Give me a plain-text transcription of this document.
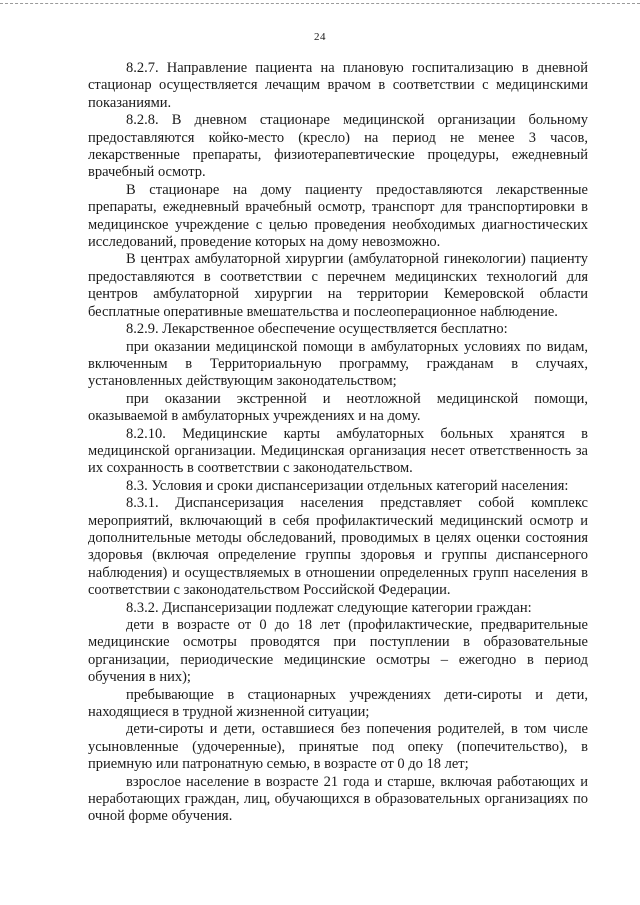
24

8.2.7. Направление пациента на плановую госпитализацию в дневной стационар осуществляется лечащим врачом в соответствии с медицинскими показаниями.

8.2.8. В дневном стационаре медицинской организации больному предоставляются койко-место (кресло) на период не менее 3 часов, лекарственные препараты, физиотерапевтические процедуры, ежедневный врачебный осмотр.

В стационаре на дому пациенту предоставляются лекарственные препараты, ежедневный врачебный осмотр, транспорт для транспортировки в медицинское учреждение с целью проведения необходимых диагностических исследований, проведение которых на дому невозможно.

В центрах амбулаторной хирургии (амбулаторной гинекологии) пациенту предоставляются в соответствии с перечнем медицинских технологий для центров амбулаторной хирургии на территории Кемеровской области бесплатные оперативные вмешательства и послеоперационное наблюдение.

8.2.9. Лекарственное обеспечение осуществляется бесплатно:

при оказании медицинской помощи в амбулаторных условиях по видам, включенным в Территориальную программу, гражданам в случаях, установленных действующим законодательством;

при оказании экстренной и неотложной медицинской помощи, оказываемой в амбулаторных учреждениях и на дому.

8.2.10. Медицинские карты амбулаторных больных хранятся в медицинской организации. Медицинская организация несет ответственность за их сохранность в соответствии с законодательством.

8.3. Условия и сроки диспансеризации отдельных категорий населения:

8.3.1. Диспансеризация населения представляет собой комплекс мероприятий, включающий в себя профилактический медицинский осмотр и дополнительные методы обследований, проводимых в целях оценки состояния здоровья (включая определение группы здоровья и группы диспансерного наблюдения) и осуществляемых в отношении определенных групп населения в соответствии с законодательством Российской Федерации.

8.3.2. Диспансеризации подлежат следующие категории граждан:

дети в возрасте от 0 до 18 лет (профилактические, предварительные медицинские осмотры проводятся при поступлении в образовательные организации, периодические медицинские осмотры – ежегодно в период обучения в них);

пребывающие в стационарных учреждениях дети-сироты и дети, находящиеся в трудной жизненной ситуации;

дети-сироты и дети, оставшиеся без попечения родителей, в том числе усыновленные (удочеренные), принятые под опеку (попечительство), в приемную или патронатную семью, в возрасте от 0 до 18 лет;

взрослое население в возрасте 21 года и старше, включая работающих и неработающих граждан, лиц, обучающихся в образовательных организациях по очной форме обучения.
